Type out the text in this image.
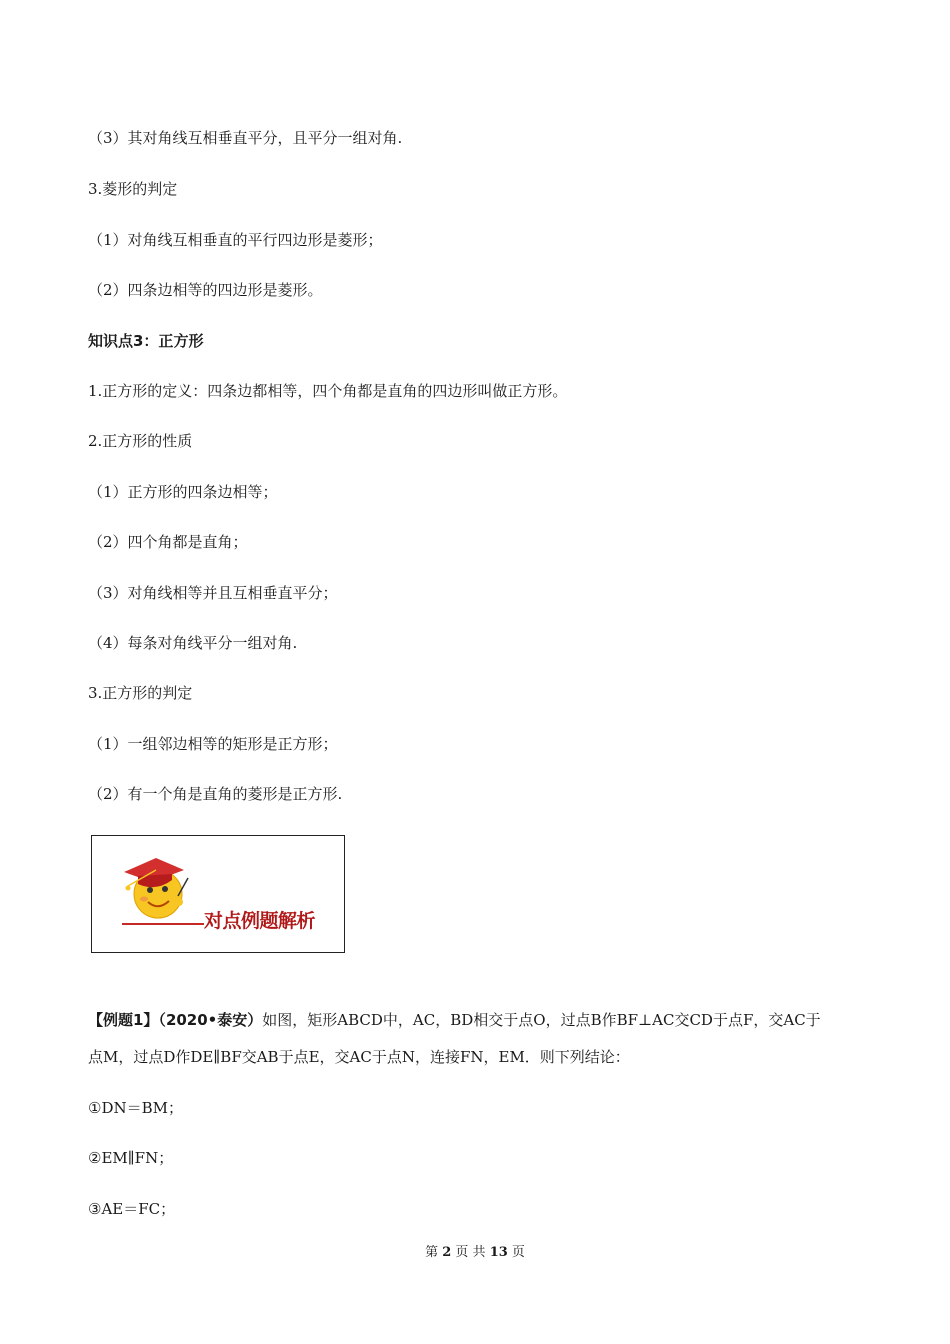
（3）其对角线互相垂直平分，且平分一组对角.
3.菱形的判定
（1）对角线互相垂直的平行四边形是菱形；
（2）四条边相等的四边形是菱形。
知识点3：正方形
1.正方形的定义：四条边都相等，四个角都是直角的四边形叫做正方形。
2.正方形的性质
（1）正方形的四条边相等；
（2）四个角都是直角；
（3）对角线相等并且互相垂直平分；
（4）每条对角线平分一组对角.
3.正方形的判定
（1）一组邻边相等的矩形是正方形；
（2）有一个角是直角的菱形是正方形.
对点例题解析
【例题1】（2020•泰安）如图，矩形ABCD中，AC，BD相交于点O，过点B作BF⊥AC交CD于点F，交AC于
点M，过点D作DE∥BF交AB于点E，交AC于点N，连接FN，EM．则下列结论：
①DN＝BM；
②EM∥FN；
③AE＝FC；
第 2 页 共 13 页
